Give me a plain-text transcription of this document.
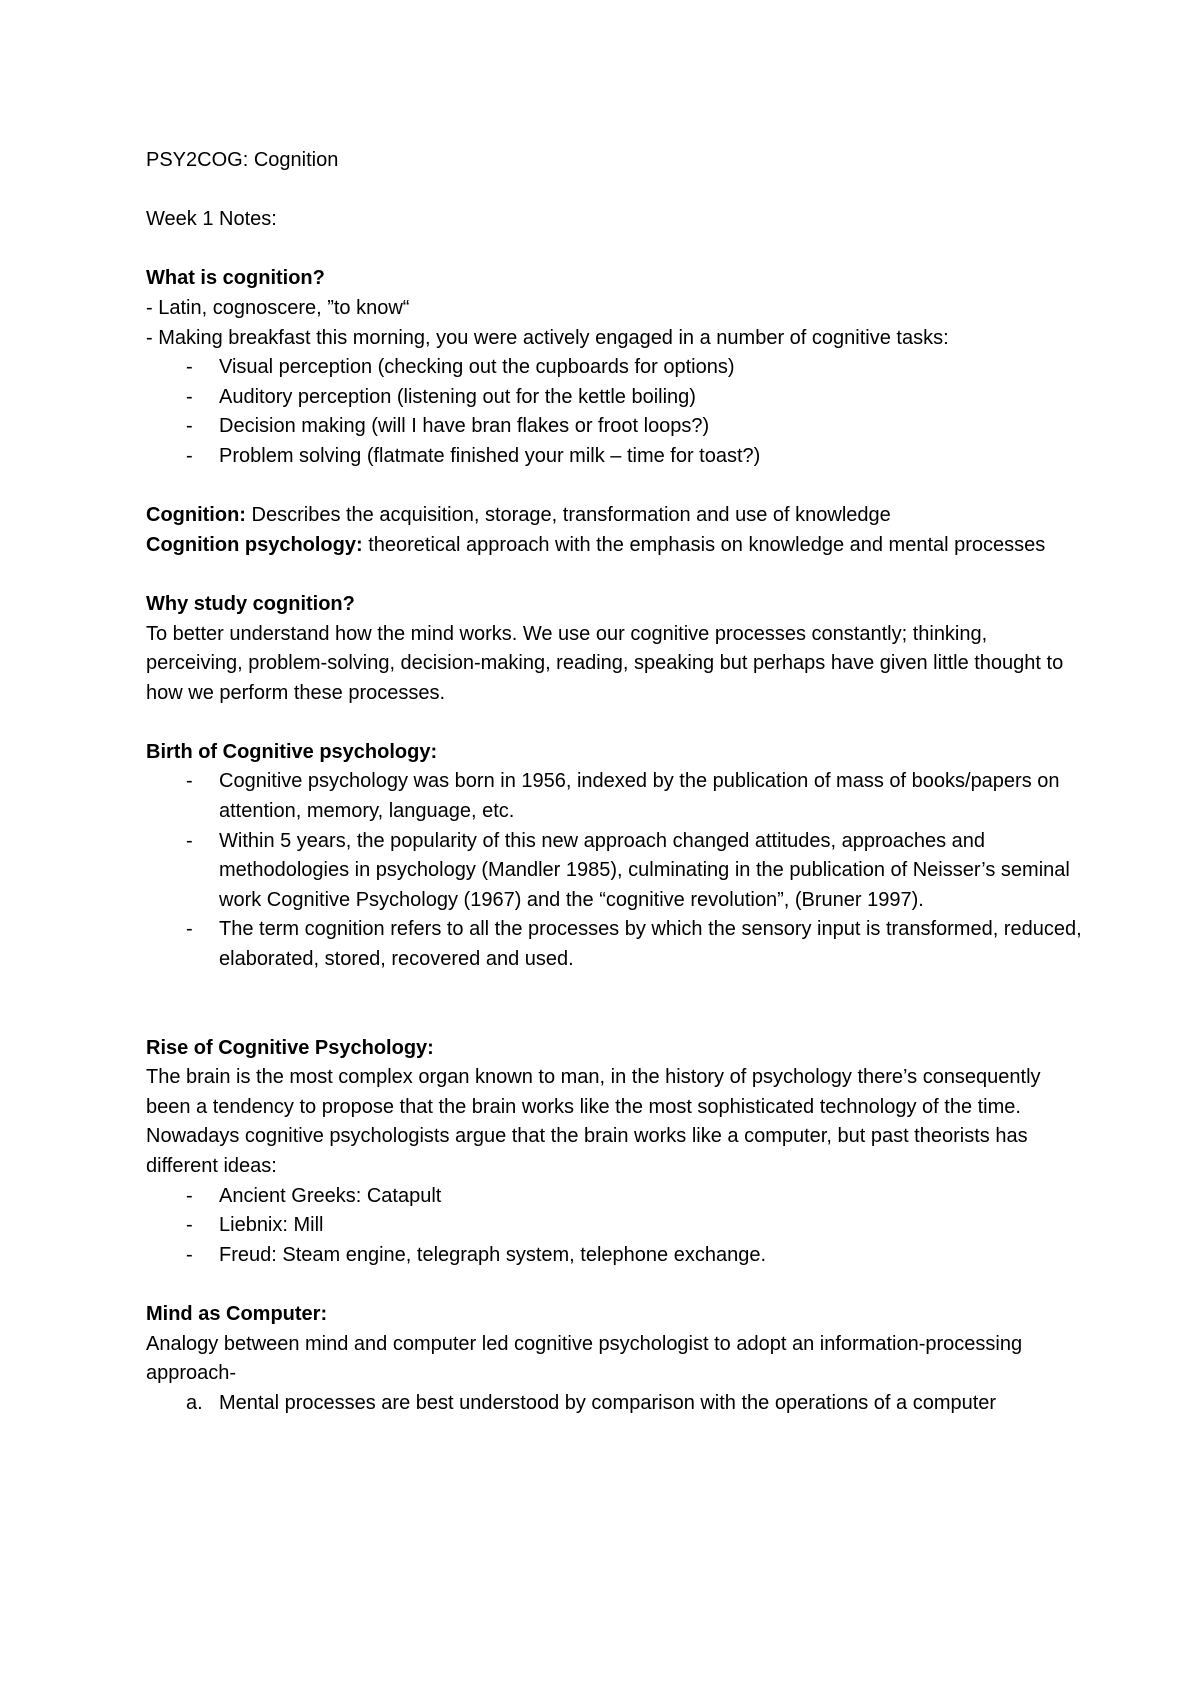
PSY2COG: Cognition

Week 1 Notes:

What is cognition?

- Latin, cognoscere, ”to know“

- Making breakfast this morning, you were actively engaged in a number of cognitive tasks:

- Visual perception (checking out the cupboards for options)
- Auditory perception (listening out for the kettle boiling)
- Decision making (will I have bran flakes or froot loops?)
- Problem solving (flatmate finished your milk – time for toast?)

Cognition: Describes the acquisition, storage, transformation and use of knowledge

Cognition psychology: theoretical approach with the emphasis on knowledge and mental processes

Why study cognition?

To better understand how the mind works. We use our cognitive processes constantly; thinking, perceiving, problem-solving, decision-making, reading, speaking but perhaps have given little thought to how we perform these processes.

Birth of Cognitive psychology:

- Cognitive psychology was born in 1956, indexed by the publication of mass of books/papers on attention, memory, language, etc.
- Within 5 years, the popularity of this new approach changed attitudes, approaches and methodologies in psychology (Mandler 1985), culminating in the publication of Neisser’s seminal work Cognitive Psychology (1967) and the “cognitive revolution”, (Bruner 1997).
- The term cognition refers to all the processes by which the sensory input is transformed, reduced, elaborated, stored, recovered and used.

Rise of Cognitive Psychology:

The brain is the most complex organ known to man, in the history of psychology there’s consequently been a tendency to propose that the brain works like the most sophisticated technology of the time. Nowadays cognitive psychologists argue that the brain works like a computer, but past theorists has different ideas:

- Ancient Greeks: Catapult
- Liebnix: Mill
- Freud: Steam engine, telegraph system, telephone exchange.

Mind as Computer:

Analogy between mind and computer led cognitive psychologist to adopt an information-processing approach-

a. Mental processes are best understood by comparison with the operations of a computer
